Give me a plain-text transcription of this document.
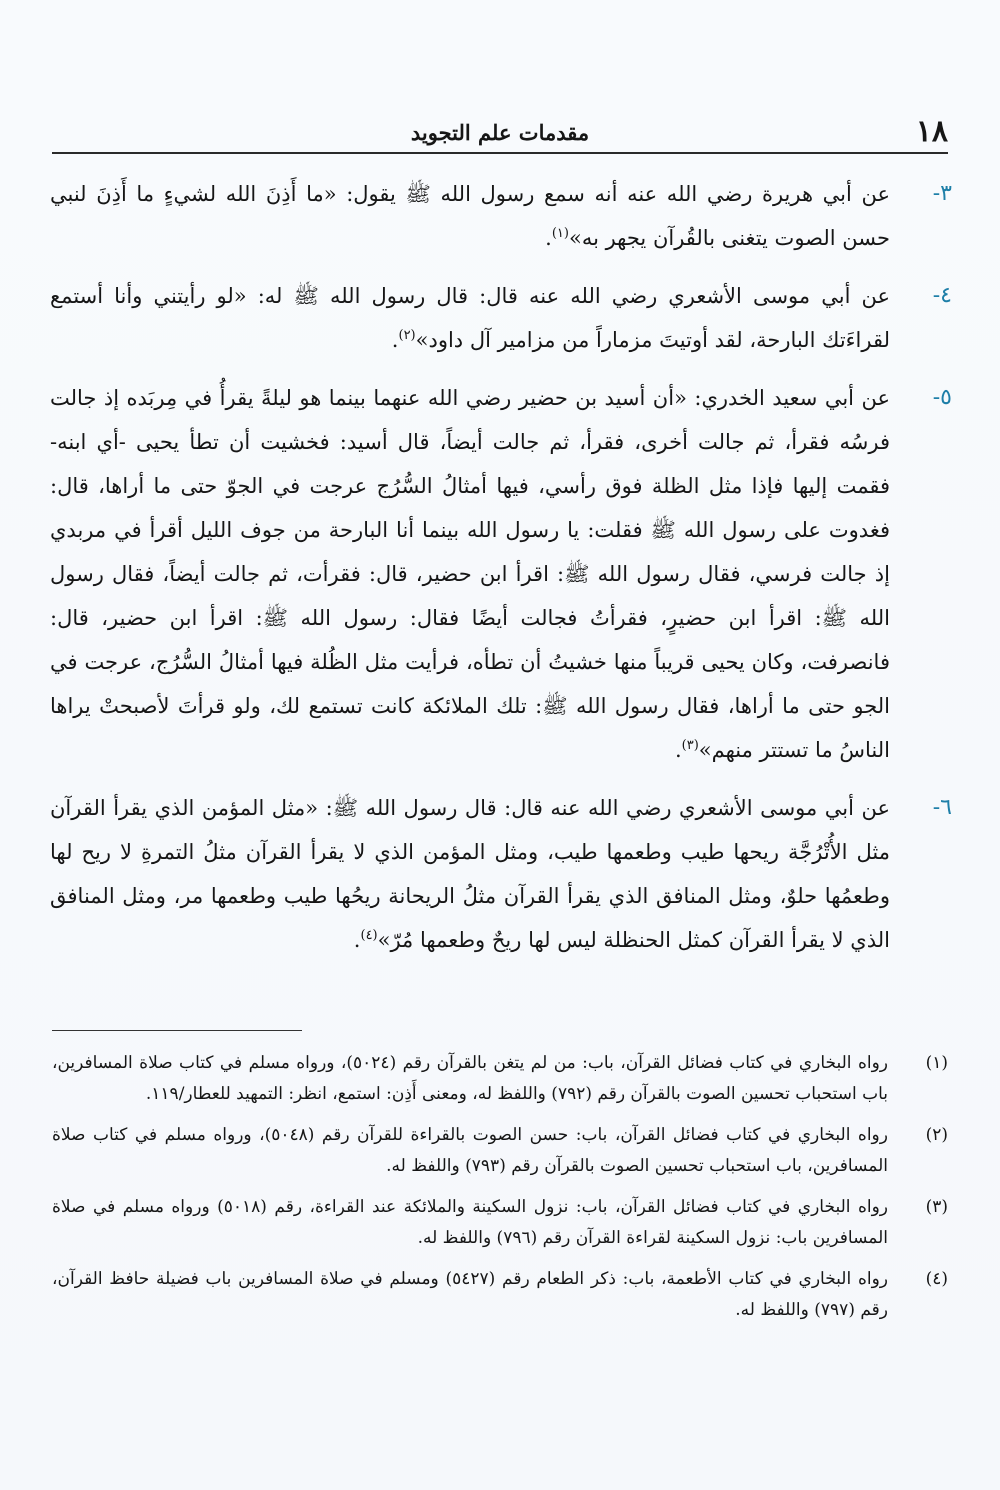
١٨
مقدمات علم التجويد
٣-

عن أبي هريرة رضي الله عنه أنه سمع رسول الله ﷺ يقول: «ما أَذِنَ الله لشيءٍ ما أَذِنَ لنبي حسن الصوت يتغنى بالقُرآن يجهر به»$^{(١)}$.

٤-

عن أبي موسى الأشعري رضي الله عنه قال: قال رسول الله ﷺ له: «لو رأيتني وأنا أستمع لقراءَتك البارحة، لقد أوتيتَ مزماراً من مزامير آل داود»$^{(٢)}$.

٥-

عن أبي سعيد الخدري: «أن أسيد بن حضير رضي الله عنهما بينما هو ليلةً يقرأُ في مِربَده إذ جالت فرسُه فقرأ، ثم جالت أخرى، فقرأ، ثم جالت أيضاً، قال أسيد: فخشيت أن تطأ يحيى -أي ابنه- فقمت إليها فإذا مثل الظلة فوق رأسي، فيها أمثالُ السُّرُج عرجت في الجوّ حتى ما أراها، قال: فغدوت على رسول الله ﷺ فقلت: يا رسول الله بينما أنا البارحة من جوف الليل أقرأ في مربدي إذ جالت فرسي، فقال رسول الله ﷺ: اقرأ ابن حضير، قال: فقرأت، ثم جالت أيضاً، فقال رسول الله ﷺ: اقرأ ابن حضيرٍ، فقرأتُ فجالت أيضًا فقال: رسول الله ﷺ: اقرأ ابن حضير، قال: فانصرفت، وكان يحيى قريباً منها خشيتُ أن تطأه، فرأيت مثل الظُلة فيها أمثالُ السُّرُج، عرجت في الجو حتى ما أراها، فقال رسول الله ﷺ: تلك الملائكة كانت تستمع لك، ولو قرأتَ لأصبحتْ يراها الناسُ ما تستتر منهم»$^{(٣)}$.

٦-

عن أبي موسى الأشعري رضي الله عنه قال: قال رسول الله ﷺ: «مثل المؤمن الذي يقرأ القرآن مثل الأُتْرُجَّة ريحها طيب وطعمها طيب، ومثل المؤمن الذي لا يقرأ القرآن مثلُ التمرةِ لا ريح لها وطعمُها حلوٌ، ومثل المنافق الذي يقرأ القرآن مثلُ الريحانة ريحُها طيب وطعمها مر، ومثل المنافق الذي لا يقرأ القرآن كمثل الحنظلة ليس لها ريحٌ وطعمها مُرّ»$^{(٤)}$.

(١)

رواه البخاري في كتاب فضائل القرآن، باب: من لم يتغن بالقرآن رقم (٥٠٢٤)، ورواه مسلم في كتاب صلاة المسافرين، باب استحباب تحسين الصوت بالقرآن رقم (٧٩٢) واللفظ له، ومعنى أَذِن: استمع، انظر: التمهيد للعطار/١١٩.

(٢)

رواه البخاري في كتاب فضائل القرآن، باب: حسن الصوت بالقراءة للقرآن رقم (٥٠٤٨)، ورواه مسلم في كتاب صلاة المسافرين، باب استحباب تحسين الصوت بالقرآن رقم (٧٩٣) واللفظ له.

(٣)

رواه البخاري في كتاب فضائل القرآن، باب: نزول السكينة والملائكة عند القراءة، رقم (٥٠١٨) ورواه مسلم في صلاة المسافرين باب: نزول السكينة لقراءة القرآن رقم (٧٩٦) واللفظ له.

(٤)

رواه البخاري في كتاب الأطعمة، باب: ذكر الطعام رقم (٥٤٢٧) ومسلم في صلاة المسافرين باب فضيلة حافظ القرآن، رقم (٧٩٧) واللفظ له.
